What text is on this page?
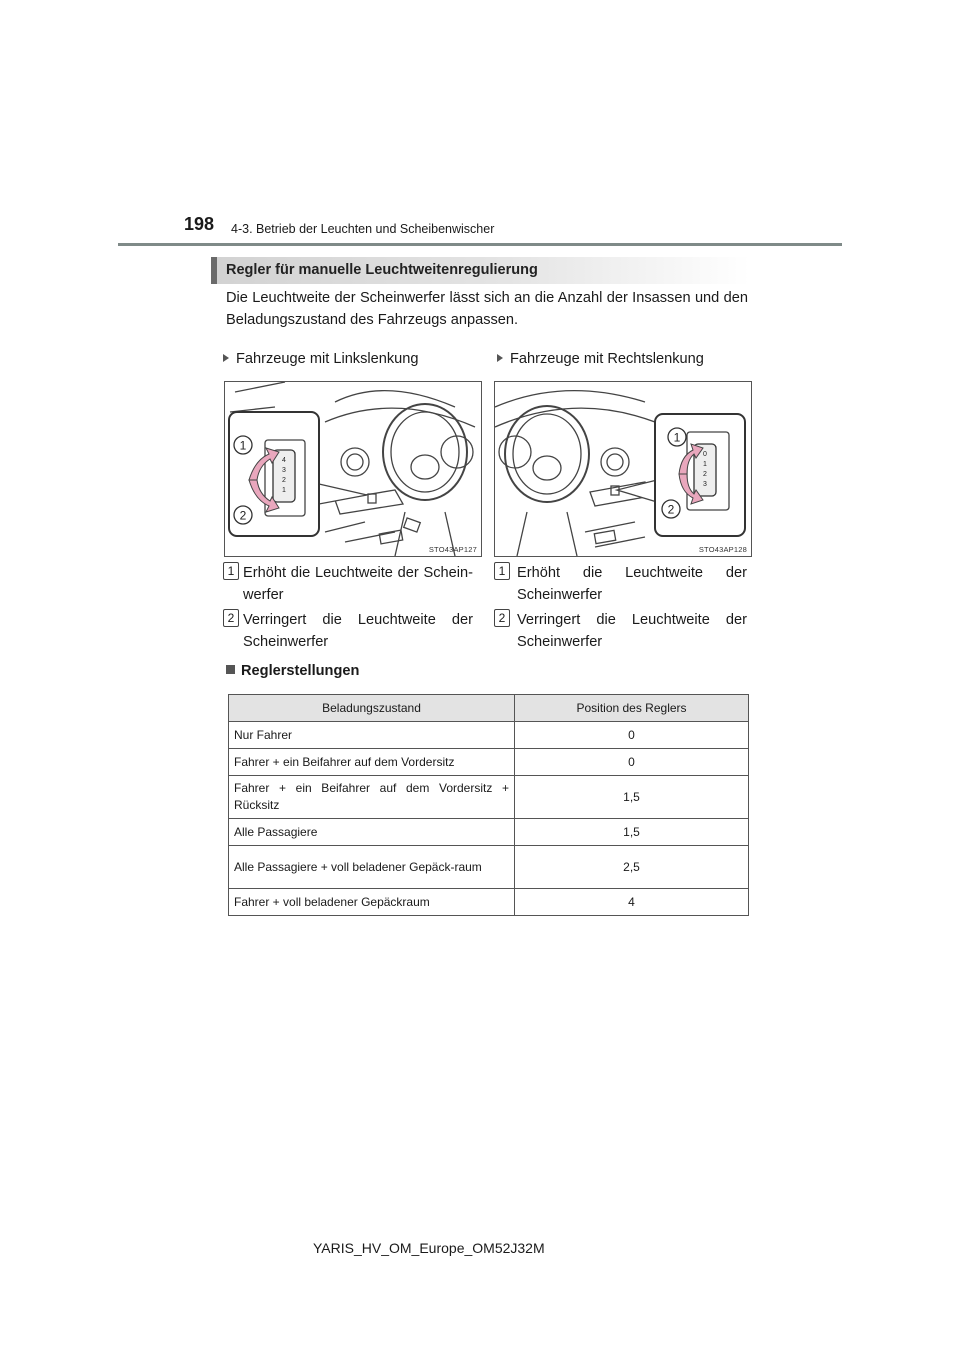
198 4-3. Betrieb der Leuchten und Scheibenwischer
Regler für manuelle Leuchtweitenregulierung
Die Leuchtweite der Scheinwerfer lässt sich an die Anzahl der Insassen und den Beladungszustand des Fahrzeugs anpassen.
Fahrzeuge mit Linkslenkung	Fahrzeuge mit Rechtslenkung
4
3
2
1
1
2
STO43AP127
0
1
2
3
1
2
STO43AP128
1 Erhöht die Leuchtweite der Schein-werfer
2 Verringert die Leuchtweite der Scheinwerfer
1 Erhöht die Leuchtweite der Scheinwerfer
2 Verringert die Leuchtweite der Scheinwerfer
Reglerstellungen
Beladungszustand	Position des Reglers
Nur Fahrer	0
Fahrer + ein Beifahrer auf dem Vordersitz	0
Fahrer + ein Beifahrer auf dem Vordersitz + Rücksitz	1,5
Alle Passagiere	1,5
Alle Passagiere + voll beladener Gepäck-raum	2,5
Fahrer + voll beladener Gepäckraum	4
YARIS_HV_OM_Europe_OM52J32M
